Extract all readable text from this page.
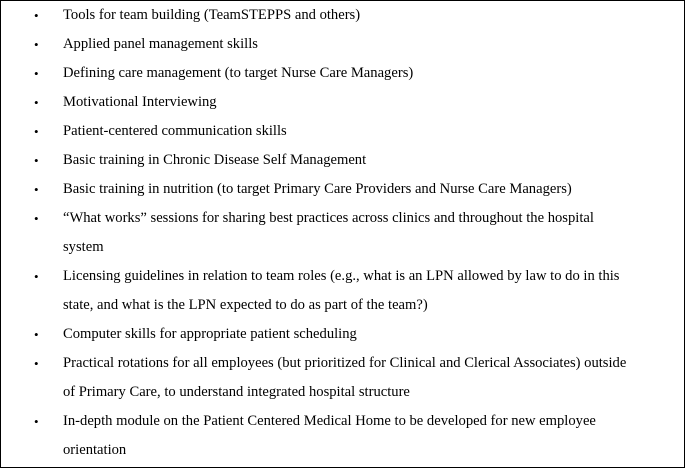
• Tools for team building (TeamSTEPPS and others)
• Applied panel management skills
• Defining care management (to target Nurse Care Managers)
• Motivational Interviewing
• Patient-centered communication skills
• Basic training in Chronic Disease Self Management
• Basic training in nutrition (to target Primary Care Providers and Nurse Care Managers)
• “What works” sessions for sharing best practices across clinics and throughout the hospital system
• Licensing guidelines in relation to team roles (e.g., what is an LPN allowed by law to do in this state, and what is the LPN expected to do as part of the team?)
• Computer skills for appropriate patient scheduling
• Practical rotations for all employees (but prioritized for Clinical and Clerical Associates) outside of Primary Care, to understand integrated hospital structure
• In-depth module on the Patient Centered Medical Home to be developed for new employee orientation
